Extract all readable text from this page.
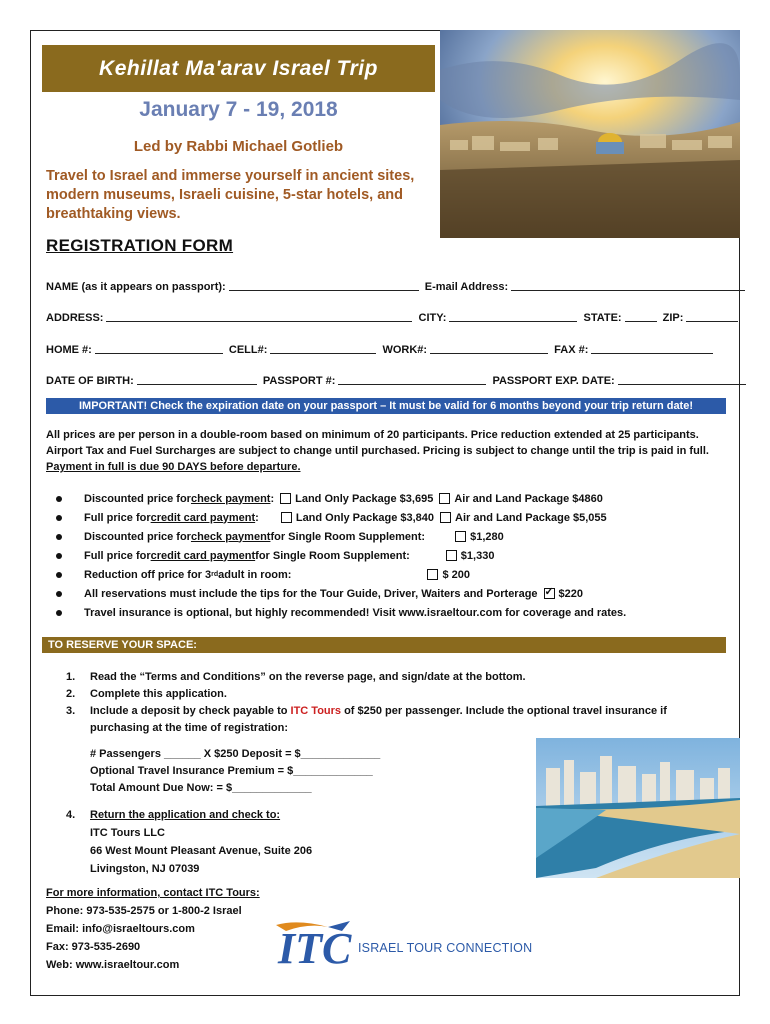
Kehillat Ma'arav Israel Trip
January 7 - 19, 2018
Led by Rabbi Michael Gotlieb
Travel to Israel and immerse yourself in ancient sites, modern museums, Israeli cuisine, 5-star hotels, and breathtaking views.
REGISTRATION FORM
NAME (as it appears on passport):	E-mail Address:
ADDRESS:	CITY:	STATE:	ZIP:
HOME #:	CELL#:	WORK#:	FAX #:
DATE OF BIRTH:	PASSPORT #:	PASSPORT EXP. DATE:
IMPORTANT! Check the expiration date on your passport – It must be valid for 6 months beyond your trip return date!
All prices are per person in a double-room based on minimum of 20 participants. Price reduction extended at 25 participants.
Airport Tax and Fuel Surcharges are subject to change until purchased. Pricing is subject to change until the trip is paid in full.
Payment in full is due 90 DAYS before departure.
Discounted price for check payment : Land Only Package $3,695 Air and Land Package $4860
Full price for credit card payment :	Land Only Package $3,840 Air and Land Package $5,055
Discounted price for check payment for Single Room Supplement:	$1,280
Full price for credit card payment for Single Room Supplement:	$1,330
Reduction off price for 3 rd adult in room:	$ 200
All reservations must include the tips for the Tour Guide, Driver, Waiters and Porterage
✓ $220
Travel insurance is optional, but highly recommended! Visit www.israeltour.com for coverage and rates.
TO RESERVE YOUR SPACE:
1.	Read the “Terms and Conditions” on the reverse page, and sign/date at the bottom.
2.	Complete this application.
3.	Include a deposit by check payable to ITC Tours of $250 per passenger. Include the optional travel insurance if purchasing at the time of registration:
# Passengers ______ X $250 Deposit = $_____________
Optional Travel Insurance Premium = $_____________
Total Amount Due Now: = $_____________
4.	Return the application and check to:
ITC Tours LLC
66 West Mount Pleasant Avenue, Suite 206
Livingston, NJ 07039
For more information, contact ITC Tours:
Phone: 973-535-2575 or 1-800-2 Israel
Email: info@israeltours.com
Fax: 973-535-2690
Web: www.israeltour.com	ITC ISRAEL TOUR CONNECTION
